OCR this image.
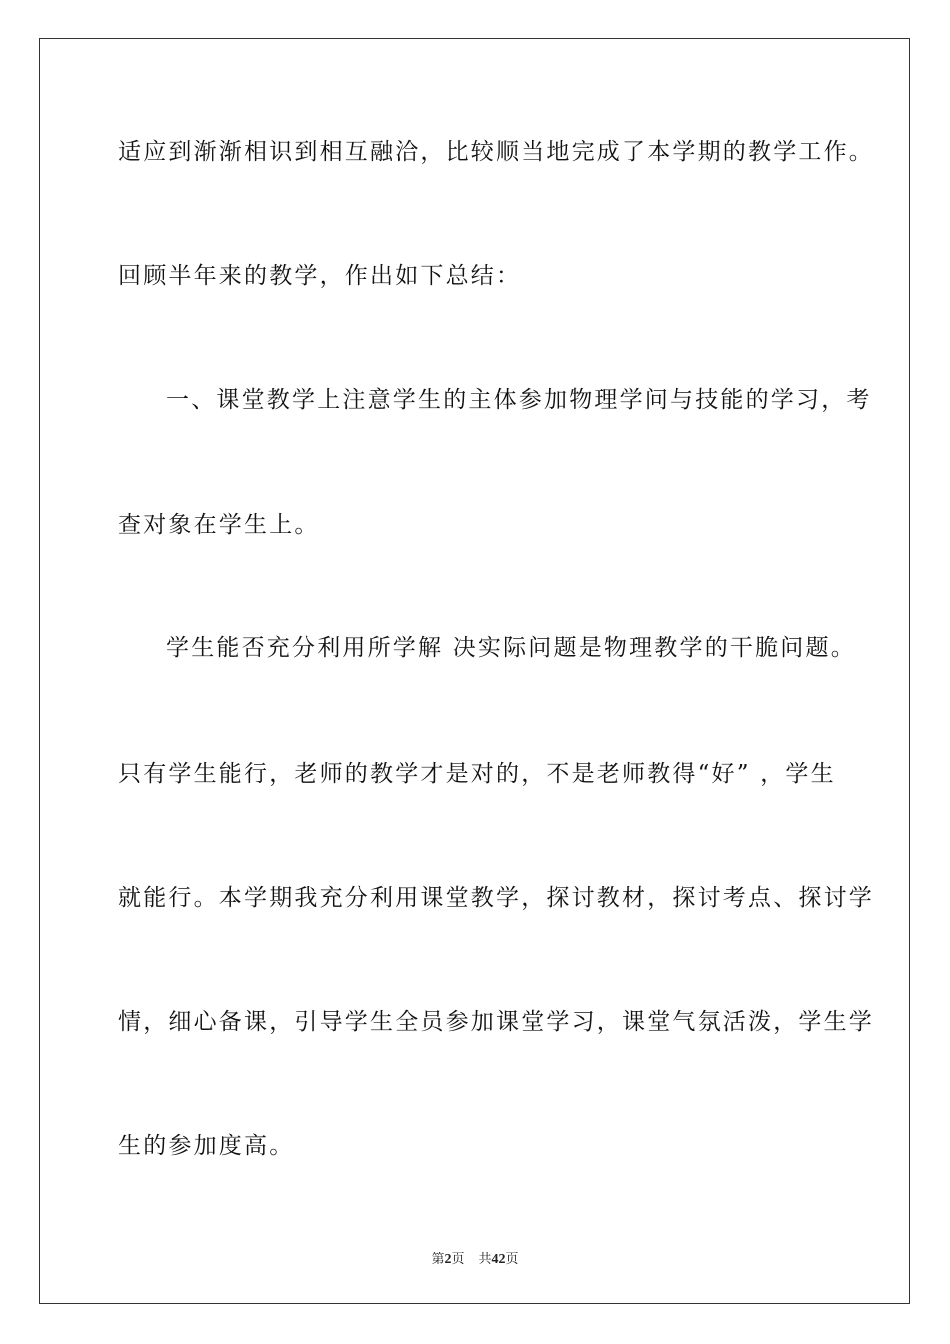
适应到渐渐相识到相互融洽，比较顺当地完成了本学期的教学工作。
回顾半年来的教学，作出如下总结：
一、课堂教学上注意学生的主体参加物理学问与技能的学习，考
查对象在学生上。
学生能否充分利用所学解 决实际问题是物理教学的干脆问题。
只有学生能行，老师的教学才是对的，不是老师教得“好” ，学生
就能行。本学期我充分利用课堂教学，探讨教材，探讨考点、探讨学
情，细心备课，引导学生全员参加课堂学习，课堂气氛活泼，学生学
生的参加度高。
第2页 共42页
